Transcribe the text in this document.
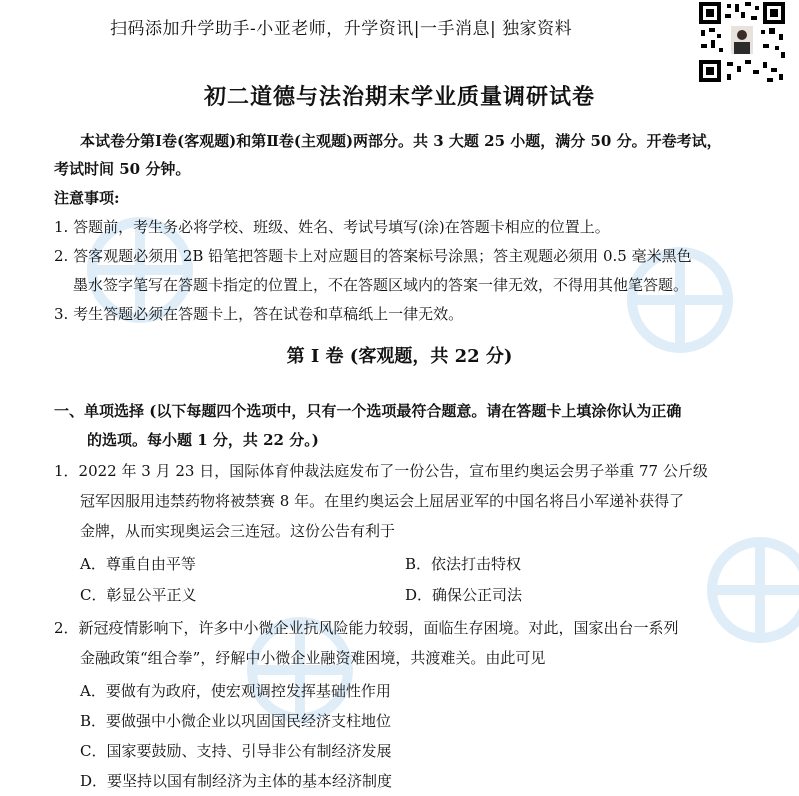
扫码添加升学助手-小亚老师，升学资讯|一手消息| 独家资料
初二道德与法治期末学业质量调研试卷
本试卷分第Ⅰ卷(客观题)和第Ⅱ卷(主观题)两部分。共 3 大题 25 小题，满分 50 分。开卷考试，
考试时间 50 分钟。
注意事项:
1. 答题前，考生务必将学校、班级、姓名、考试号填写(涂)在答题卡相应的位置上。
2. 答客观题必须用 2B 铅笔把答题卡上对应题目的答案标号涂黑；答主观题必须用 0.5 毫米黑色
墨水签字笔写在答题卡指定的位置上，不在答题区域内的答案一律无效，不得用其他笔答题。
3. 考生答题必须在答题卡上，答在试卷和草稿纸上一律无效。
第 I 卷 (客观题，共 22 分)
一、单项选择 (以下每题四个选项中，只有一个选项最符合题意。请在答题卡上填涂你认为正确
的选项。每小题 1 分，共 22 分。)
1．2022 年 3 月 23 日，国际体育仲裁法庭发布了一份公告，宣布里约奥运会男子举重 77 公斤级
冠军因服用违禁药物将被禁赛 8 年。在里约奥运会上屈居亚军的中国名将吕小军递补获得了
金牌，从而实现奥运会三连冠。这份公告有利于
A．尊重自由平等	B．依法打击特权
C．彰显公平正义	D．确保公正司法
2．新冠疫情影响下，许多中小微企业抗风险能力较弱，面临生存困境。对此，国家出台一系列
金融政策“组合拳”，纾解中小微企业融资难困境，共渡难关。由此可见
A．要做有为政府，使宏观调控发挥基础性作用
B．要做强中小微企业以巩固国民经济支柱地位
C．国家要鼓励、支持、引导非公有制经济发展
D．要坚持以国有制经济为主体的基本经济制度
